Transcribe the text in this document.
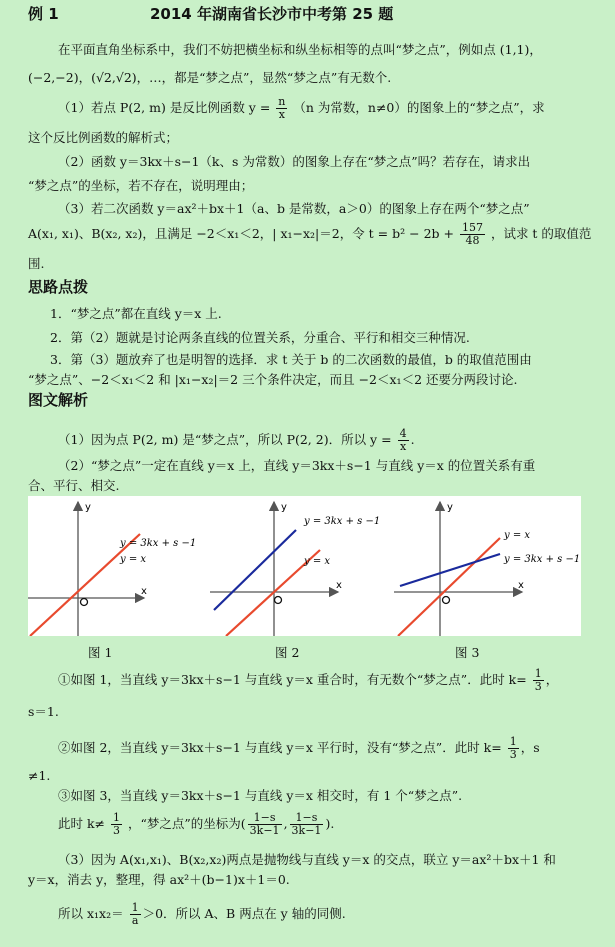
例 1	2014 年湖南省长沙市中考第 25 题
在平面直角坐标系中，我们不妨把横坐标和纵坐标相等的点叫“梦之点”，例如点 (1,1)，
(−2,−2)，(√2,√2)，…，都是“梦之点”，显然“梦之点”有无数个.
（1）若点 P(2, m) 是反比例函数 $y = \frac{n}{x} (n$ 为常数，n≠0）的图象上的“梦之点”，求
这个反比例函数的解析式；
（2）函数 y＝3kx＋s−1（k、s 为常数）的图象上存在“梦之点”吗？若存在，请求出
“梦之点”的坐标，若不存在，说明理由；
（3）若二次函数 y＝ax²＋bx＋1（a、b 是常数，a＞0）的图象上存在两个“梦之点”
A(x₁, x₁)、B(x₂, x₂)，且满足 −2＜x₁＜2，| x₁−x₂|＝2，令 $t = b^2 - 2b + \frac{157}{48}$ ，试求 t 的取值范
围.
思路点拨
1．“梦之点”都在直线 y＝x 上.
2．第（2）题就是讨论两条直线的位置关系，分重合、平行和相交三种情况.
3．第（3）题放弃了也是明智的选择．求 t 关于 b 的二次函数的最值，b 的取值范围由
“梦之点”、−2＜x₁＜2 和 |x₁−x₂|＝2 三个条件决定，而且 −2＜x₁＜2 还要分两段讨论.
图文解析
（1）因为点 P(2, m) 是“梦之点”，所以 P(2, 2)．所以 $y = \frac{4}{x}$ .
（2）“梦之点”一定在直线 y＝x 上，直线 y＝3kx＋s−1 与直线 y＝x 的位置关系有重
合、平行、相交.
y
x
y = 3kx + s −1
y = x
y
x
y = 3kx + s −1
y = x
y
x
y = x
y = 3kx + s −1
图 1	图 2	图 3
①如图 1，当直线 y＝3kx＋s−1 与直线 y＝x 重合时，有无数个“梦之点”．此时 $k= \frac{1}{3}$ ，
s＝1.
②如图 2，当直线 y＝3kx＋s−1 与直线 y＝x 平行时，没有“梦之点”．此时 $k= \frac{1}{3}$ ，s
≠1.
③如图 3，当直线 y＝3kx＋s−1 与直线 y＝x 相交时，有 1 个“梦之点”.
此时 $k\ne \frac{1}{3}$ ，“梦之点”的坐标为( $\frac{1-s}{3k-1}$ , $\frac{1-s}{3k-1}$ ).
（3）因为 A(x₁,x₁)、B(x₂,x₂)两点是抛物线与直线 y＝x 的交点，联立 y＝ax²＋bx＋1 和
y＝x，消去 y，整理，得 ax²＋(b−1)x＋1＝0.
所以 $x_1x_2= \frac{1}{a} >0$．所以 A、B 两点在 y 轴的同侧.
